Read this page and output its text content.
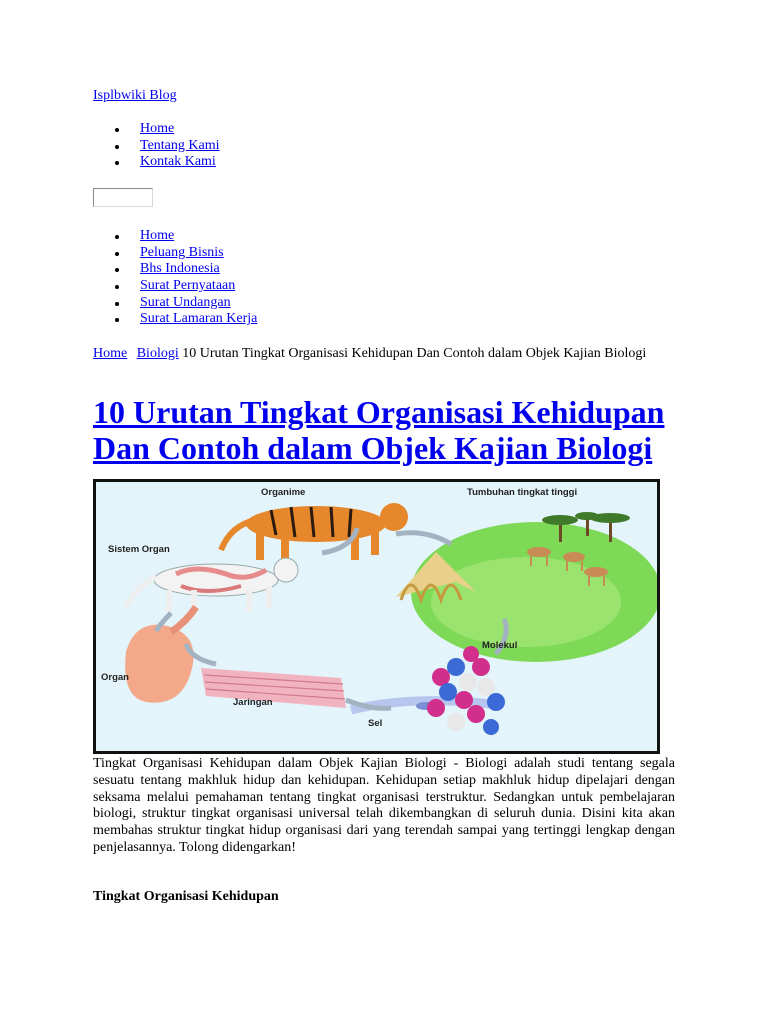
Isplbwiki Blog
Home
Tentang Kami
Kontak Kami
Home
Peluang Bisnis
Bhs Indonesia
Surat Pernyataan
Surat Undangan
Surat Lamaran Kerja
Home Biologi 10 Urutan Tingkat Organisasi Kehidupan Dan Contoh dalam Objek Kajian Biologi
10 Urutan Tingkat Organisasi Kehidupan Dan Contoh dalam Objek Kajian Biologi
Organime	Tumbuhan tingkat tinggi
Sistem Organ
Organ
Jaringan
Sel
Molekul

Tingkat Organisasi Kehidupan dalam Objek Kajian Biologi - Biologi adalah studi tentang segala sesuatu tentang makhluk hidup dan kehidupan. Kehidupan setiap makhluk hidup dipelajari dengan seksama melalui pemahaman tentang tingkat organisasi terstruktur. Sedangkan untuk pembelajaran biologi, struktur tingkat organisasi universal telah dikembangkan di seluruh dunia. Disini kita akan membahas struktur tingkat hidup organisasi dari yang terendah sampai yang tertinggi lengkap dengan penjelasannya. Tolong didengarkan!

Tingkat Organisasi Kehidupan
